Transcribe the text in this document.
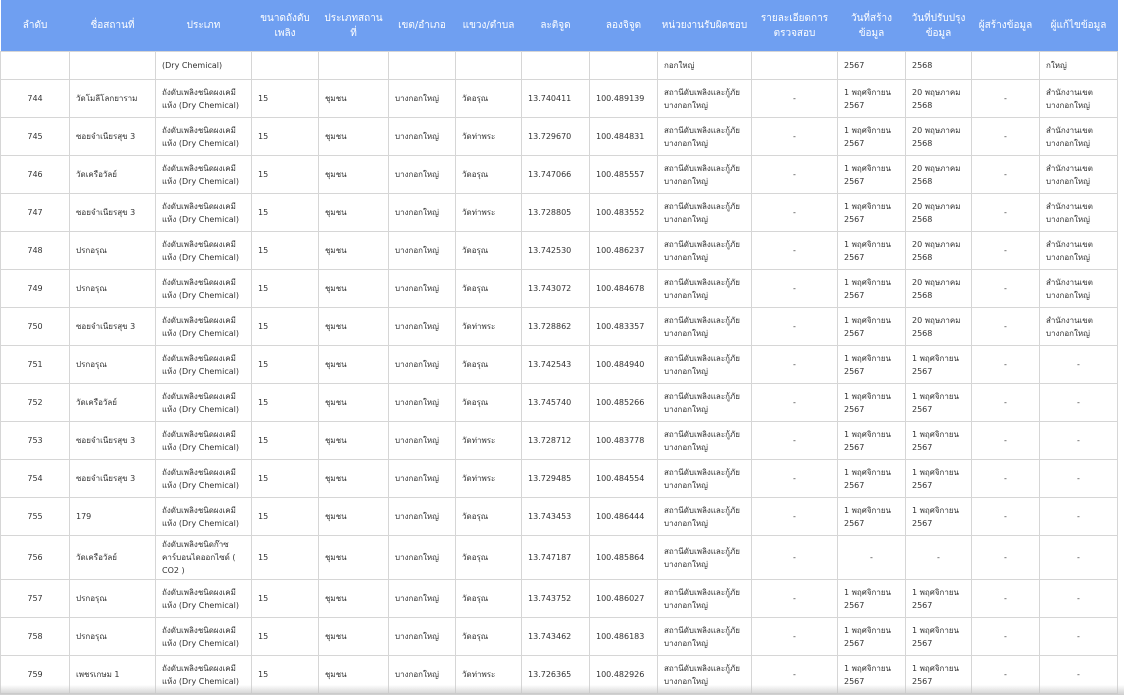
ลำดับ	ชื่อสถานที่	ประเภท	ขนาดถังดับเพลิง	ประเภทสถานที่	เขต/อำเภอ	แขวง/ตำบล	ละติจูด	ลองจิจูด	หน่วยงานรับผิดชอบ	รายละเอียดการตรวจสอบ	วันที่สร้างข้อมูล	วันที่ปรับปรุงข้อมูล	ผู้สร้างข้อมูล	ผู้แก้ไขข้อมูล
		(Dry Chemical)							กอกใหญ่		2567	2568		กใหญ่
744	วัดโมลีโลกยาราม	ถังดับเพลิงชนิดผงเคมีแห้ง (Dry Chemical)	15	ชุมชน	บางกอกใหญ่	วัดอรุณ	13.740411	100.489139	สถานีดับเพลิงและกู้ภัยบางกอกใหญ่	-	1 พฤศจิกายน 2567	20 พฤษภาคม 2568	-	สำนักงานเขตบางกอกใหญ่
745	ซอยจำเนียรสุข 3	ถังดับเพลิงชนิดผงเคมีแห้ง (Dry Chemical)	15	ชุมชน	บางกอกใหญ่	วัดท่าพระ	13.729670	100.484831	สถานีดับเพลิงและกู้ภัยบางกอกใหญ่	-	1 พฤศจิกายน 2567	20 พฤษภาคม 2568	-	สำนักงานเขตบางกอกใหญ่
746	วัดเครือวัลย์	ถังดับเพลิงชนิดผงเคมีแห้ง (Dry Chemical)	15	ชุมชน	บางกอกใหญ่	วัดอรุณ	13.747066	100.485557	สถานีดับเพลิงและกู้ภัยบางกอกใหญ่	-	1 พฤศจิกายน 2567	20 พฤษภาคม 2568	-	สำนักงานเขตบางกอกใหญ่
747	ซอยจำเนียรสุข 3	ถังดับเพลิงชนิดผงเคมีแห้ง (Dry Chemical)	15	ชุมชน	บางกอกใหญ่	วัดท่าพระ	13.728805	100.483552	สถานีดับเพลิงและกู้ภัยบางกอกใหญ่	-	1 พฤศจิกายน 2567	20 พฤษภาคม 2568	-	สำนักงานเขตบางกอกใหญ่
748	ปรกอรุณ	ถังดับเพลิงชนิดผงเคมีแห้ง (Dry Chemical)	15	ชุมชน	บางกอกใหญ่	วัดอรุณ	13.742530	100.486237	สถานีดับเพลิงและกู้ภัยบางกอกใหญ่	-	1 พฤศจิกายน 2567	20 พฤษภาคม 2568	-	สำนักงานเขตบางกอกใหญ่
749	ปรกอรุณ	ถังดับเพลิงชนิดผงเคมีแห้ง (Dry Chemical)	15	ชุมชน	บางกอกใหญ่	วัดอรุณ	13.743072	100.484678	สถานีดับเพลิงและกู้ภัยบางกอกใหญ่	-	1 พฤศจิกายน 2567	20 พฤษภาคม 2568	-	สำนักงานเขตบางกอกใหญ่
750	ซอยจำเนียรสุข 3	ถังดับเพลิงชนิดผงเคมีแห้ง (Dry Chemical)	15	ชุมชน	บางกอกใหญ่	วัดท่าพระ	13.728862	100.483357	สถานีดับเพลิงและกู้ภัยบางกอกใหญ่	-	1 พฤศจิกายน 2567	20 พฤษภาคม 2568	-	สำนักงานเขตบางกอกใหญ่
751	ปรกอรุณ	ถังดับเพลิงชนิดผงเคมีแห้ง (Dry Chemical)	15	ชุมชน	บางกอกใหญ่	วัดอรุณ	13.742543	100.484940	สถานีดับเพลิงและกู้ภัยบางกอกใหญ่	-	1 พฤศจิกายน 2567	1 พฤศจิกายน 2567	-	-
752	วัดเครือวัลย์	ถังดับเพลิงชนิดผงเคมีแห้ง (Dry Chemical)	15	ชุมชน	บางกอกใหญ่	วัดอรุณ	13.745740	100.485266	สถานีดับเพลิงและกู้ภัยบางกอกใหญ่	-	1 พฤศจิกายน 2567	1 พฤศจิกายน 2567	-	-
753	ซอยจำเนียรสุข 3	ถังดับเพลิงชนิดผงเคมีแห้ง (Dry Chemical)	15	ชุมชน	บางกอกใหญ่	วัดท่าพระ	13.728712	100.483778	สถานีดับเพลิงและกู้ภัยบางกอกใหญ่	-	1 พฤศจิกายน 2567	1 พฤศจิกายน 2567	-	-
754	ซอยจำเนียรสุข 3	ถังดับเพลิงชนิดผงเคมีแห้ง (Dry Chemical)	15	ชุมชน	บางกอกใหญ่	วัดท่าพระ	13.729485	100.484554	สถานีดับเพลิงและกู้ภัยบางกอกใหญ่	-	1 พฤศจิกายน 2567	1 พฤศจิกายน 2567	-	-
755	179	ถังดับเพลิงชนิดผงเคมีแห้ง (Dry Chemical)	15	ชุมชน	บางกอกใหญ่	วัดอรุณ	13.743453	100.486444	สถานีดับเพลิงและกู้ภัยบางกอกใหญ่	-	1 พฤศจิกายน 2567	1 พฤศจิกายน 2567	-	-
756	วัดเครือวัลย์	ถังดับเพลิงชนิดก๊าซคาร์บอนไดออกไซด์ ( CO2 )	15	ชุมชน	บางกอกใหญ่	วัดอรุณ	13.747187	100.485864	สถานีดับเพลิงและกู้ภัยบางกอกใหญ่	-	-	-	-	-
757	ปรกอรุณ	ถังดับเพลิงชนิดผงเคมีแห้ง (Dry Chemical)	15	ชุมชน	บางกอกใหญ่	วัดอรุณ	13.743752	100.486027	สถานีดับเพลิงและกู้ภัยบางกอกใหญ่	-	1 พฤศจิกายน 2567	1 พฤศจิกายน 2567	-	-
758	ปรกอรุณ	ถังดับเพลิงชนิดผงเคมีแห้ง (Dry Chemical)	15	ชุมชน	บางกอกใหญ่	วัดอรุณ	13.743462	100.486183	สถานีดับเพลิงและกู้ภัยบางกอกใหญ่	-	1 พฤศจิกายน 2567	1 พฤศจิกายน 2567	-	-
759	เพชรเกษม 1	ถังดับเพลิงชนิดผงเคมีแห้ง (Dry Chemical)	15	ชุมชน	บางกอกใหญ่	วัดท่าพระ	13.726365	100.482926	สถานีดับเพลิงและกู้ภัยบางกอกใหญ่	-	1 พฤศจิกายน 2567	1 พฤศจิกายน 2567	-	-
